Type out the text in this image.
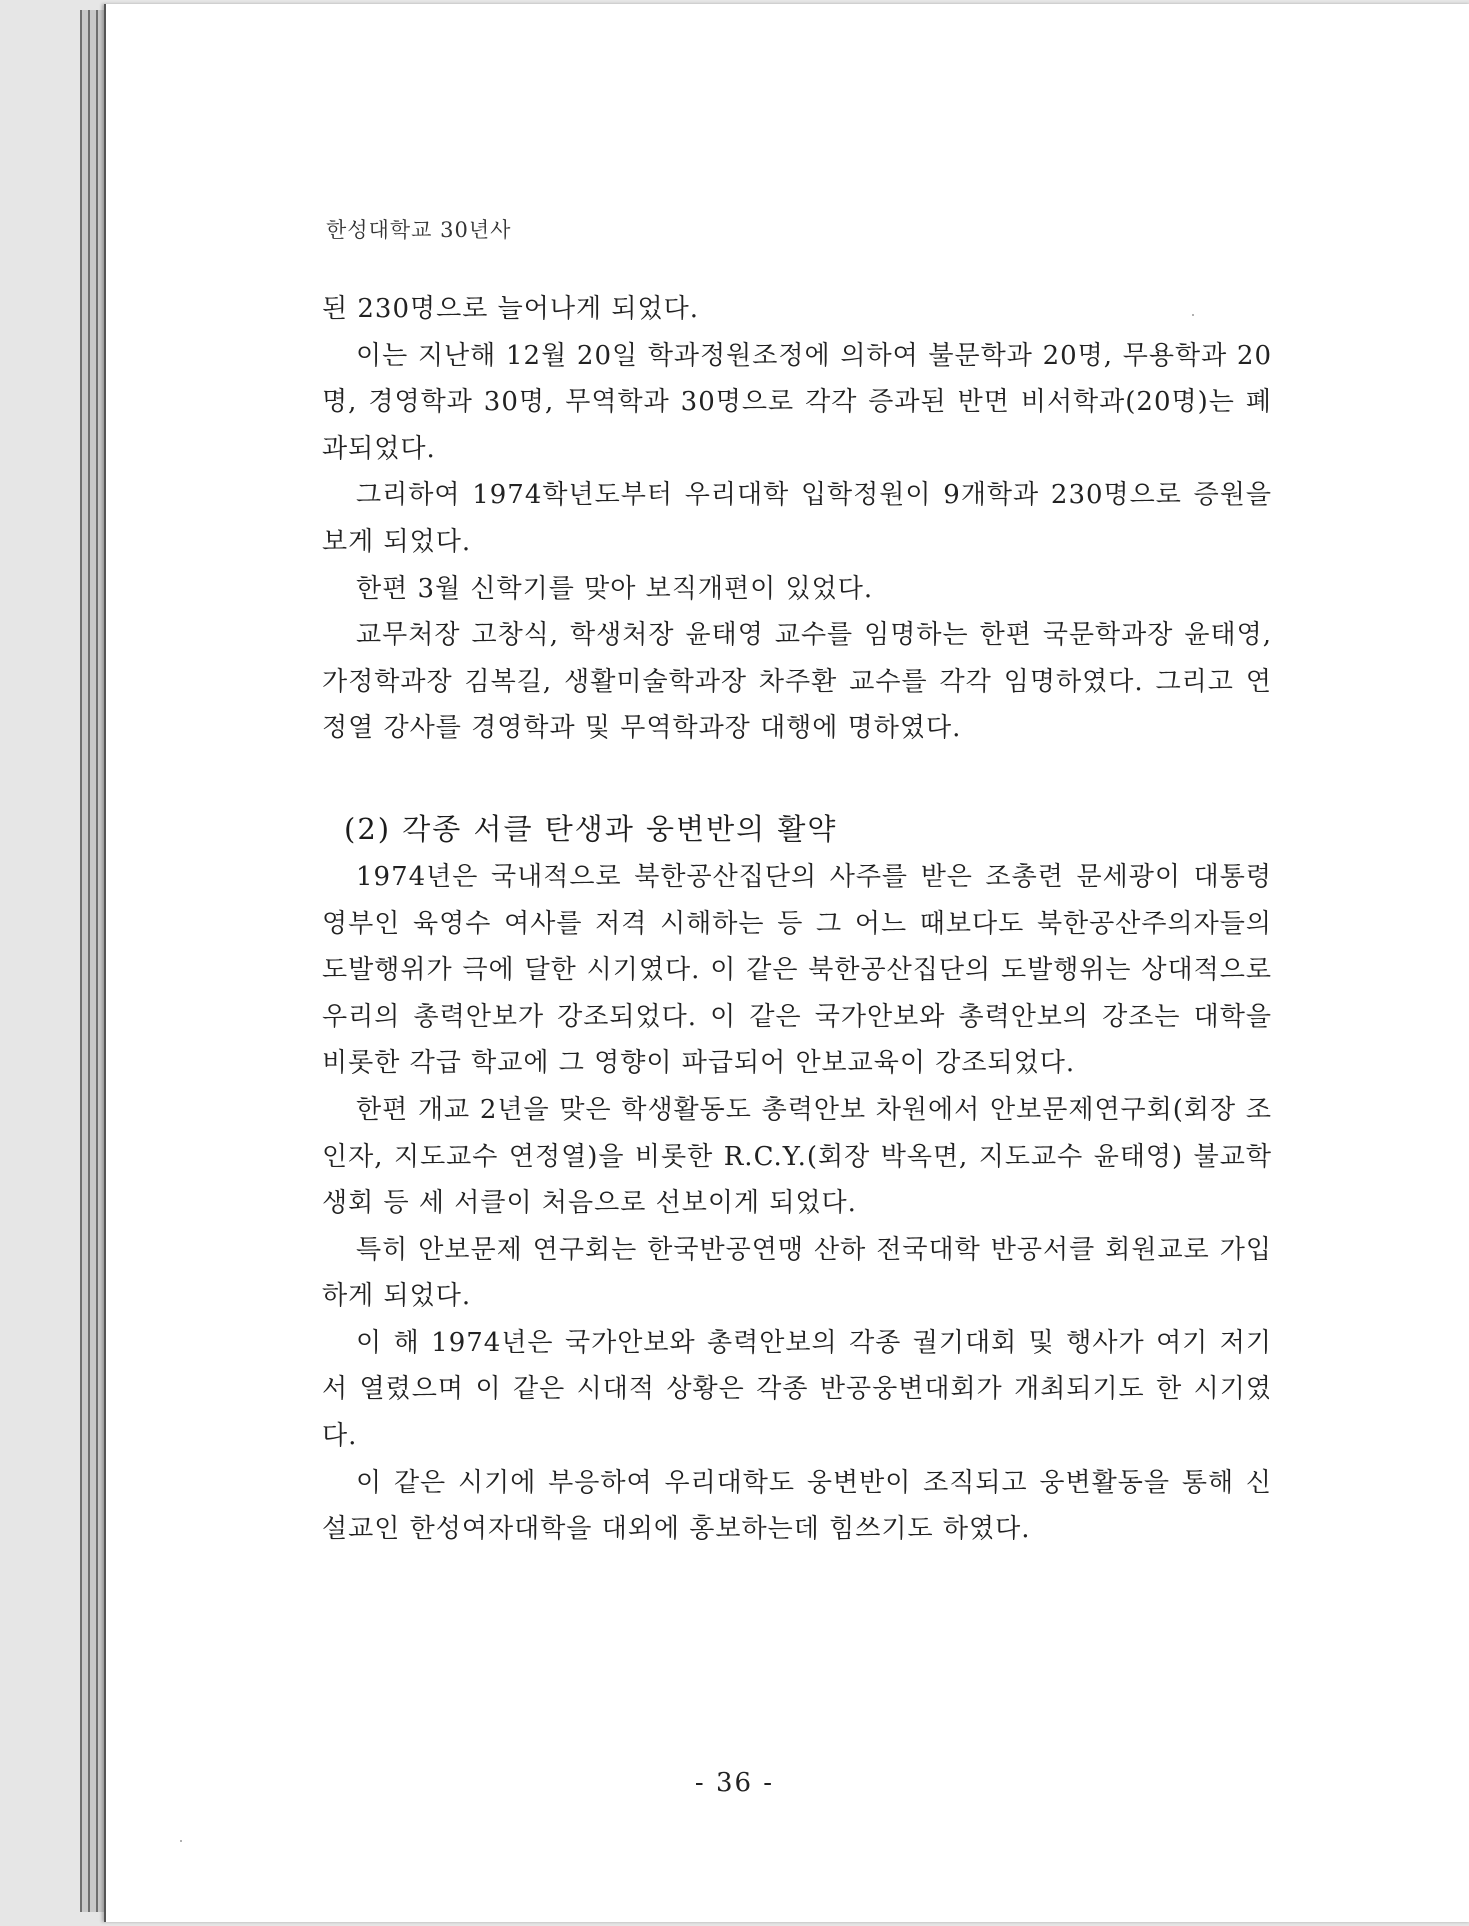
한성대학교 30년사

된 230명으로 늘어나게 되었다.

이는 지난해 12월 20일 학과정원조정에 의하여 불문학과 20명, 무용학과 20명, 경영학과 30명, 무역학과 30명으로 각각 증과된 반면 비서학과(20명)는 폐과되었다.

그리하여 1974학년도부터 우리대학 입학정원이 9개학과 230명으로 증원을 보게 되었다.

한편 3월 신학기를 맞아 보직개편이 있었다.

교무처장 고창식, 학생처장 윤태영 교수를 임명하는 한편 국문학과장 윤태영, 가정학과장 김복길, 생활미술학과장 차주환 교수를 각각 임명하였다. 그리고 연정열 강사를 경영학과 및 무역학과장 대행에 명하였다.

(2) 각종 서클 탄생과 웅변반의 활약

1974년은 국내적으로 북한공산집단의 사주를 받은 조총련 문세광이 대통령 영부인 육영수 여사를 저격 시해하는 등 그 어느 때보다도 북한공산주의자들의 도발행위가 극에 달한 시기였다. 이 같은 북한공산집단의 도발행위는 상대적으로 우리의 총력안보가 강조되었다. 이 같은 국가안보와 총력안보의 강조는 대학을 비롯한 각급 학교에 그 영향이 파급되어 안보교육이 강조되었다.

한편 개교 2년을 맞은 학생활동도 총력안보 차원에서 안보문제연구회(회장 조인자, 지도교수 연정열)을 비롯한 R.C.Y.(회장 박옥면, 지도교수 윤태영) 불교학생회 등 세 서클이 처음으로 선보이게 되었다.

특히 안보문제 연구회는 한국반공연맹 산하 전국대학 반공서클 회원교로 가입하게 되었다.

이 해 1974년은 국가안보와 총력안보의 각종 궐기대회 및 행사가 여기 저기서 열렸으며 이 같은 시대적 상황은 각종 반공웅변대회가 개최되기도 한 시기였다.

이 같은 시기에 부응하여 우리대학도 웅변반이 조직되고 웅변활동을 통해 신설교인 한성여자대학을 대외에 홍보하는데 힘쓰기도 하였다.

- 36 -
